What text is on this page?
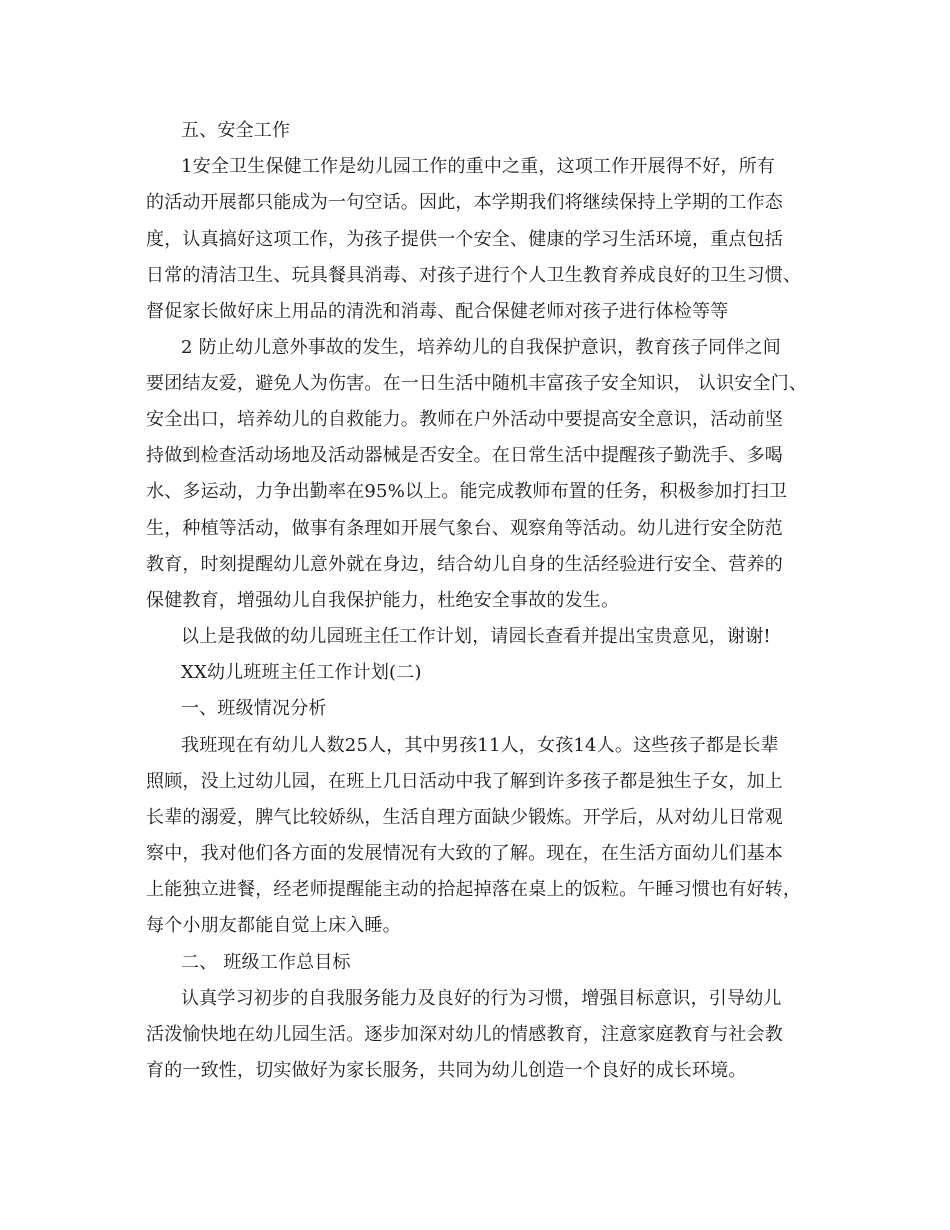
五、安全工作
1安全卫生保健工作是幼儿园工作的重中之重，这项工作开展得不好，所有
的活动开展都只能成为一句空话。因此，本学期我们将继续保持上学期的工作态
度，认真搞好这项工作，为孩子提供一个安全、健康的学习生活环境，重点包括
日常的清洁卫生、玩具餐具消毒、对孩子进行个人卫生教育养成良好的卫生习惯、
督促家长做好床上用品的清洗和消毒、配合保健老师对孩子进行体检等等
2 防止幼儿意外事故的发生，培养幼儿的自我保护意识，教育孩子同伴之间
要团结友爱，避免人为伤害。在一日生活中随机丰富孩子安全知识， 认识安全门、
安全出口，培养幼儿的自救能力。教师在户外活动中要提高安全意识，活动前坚
持做到检查活动场地及活动器械是否安全。在日常生活中提醒孩子勤洗手、多喝
水、多运动，力争出勤率在95%以上。能完成教师布置的任务，积极参加打扫卫
生，种植等活动，做事有条理如开展气象台、观察角等活动。幼儿进行安全防范
教育，时刻提醒幼儿意外就在身边，结合幼儿自身的生活经验进行安全、营养的
保健教育，增强幼儿自我保护能力，杜绝安全事故的发生。
以上是我做的幼儿园班主任工作计划，请园长查看并提出宝贵意见，谢谢!
XX幼儿班班主任工作计划(二)
一、班级情况分析
我班现在有幼儿人数25人，其中男孩11人，女孩14人。这些孩子都是长辈
照顾，没上过幼儿园，在班上几日活动中我了解到许多孩子都是独生子女，加上
长辈的溺爱，脾气比较娇纵，生活自理方面缺少锻炼。开学后，从对幼儿日常观
察中，我对他们各方面的发展情况有大致的了解。现在，在生活方面幼儿们基本
上能独立进餐，经老师提醒能主动的拾起掉落在桌上的饭粒。午睡习惯也有好转，
每个小朋友都能自觉上床入睡。
二、 班级工作总目标
认真学习初步的自我服务能力及良好的行为习惯，增强目标意识，引导幼儿
活泼愉快地在幼儿园生活。逐步加深对幼儿的情感教育，注意家庭教育与社会教
育的一致性，切实做好为家长服务，共同为幼儿创造一个良好的成长环境。
